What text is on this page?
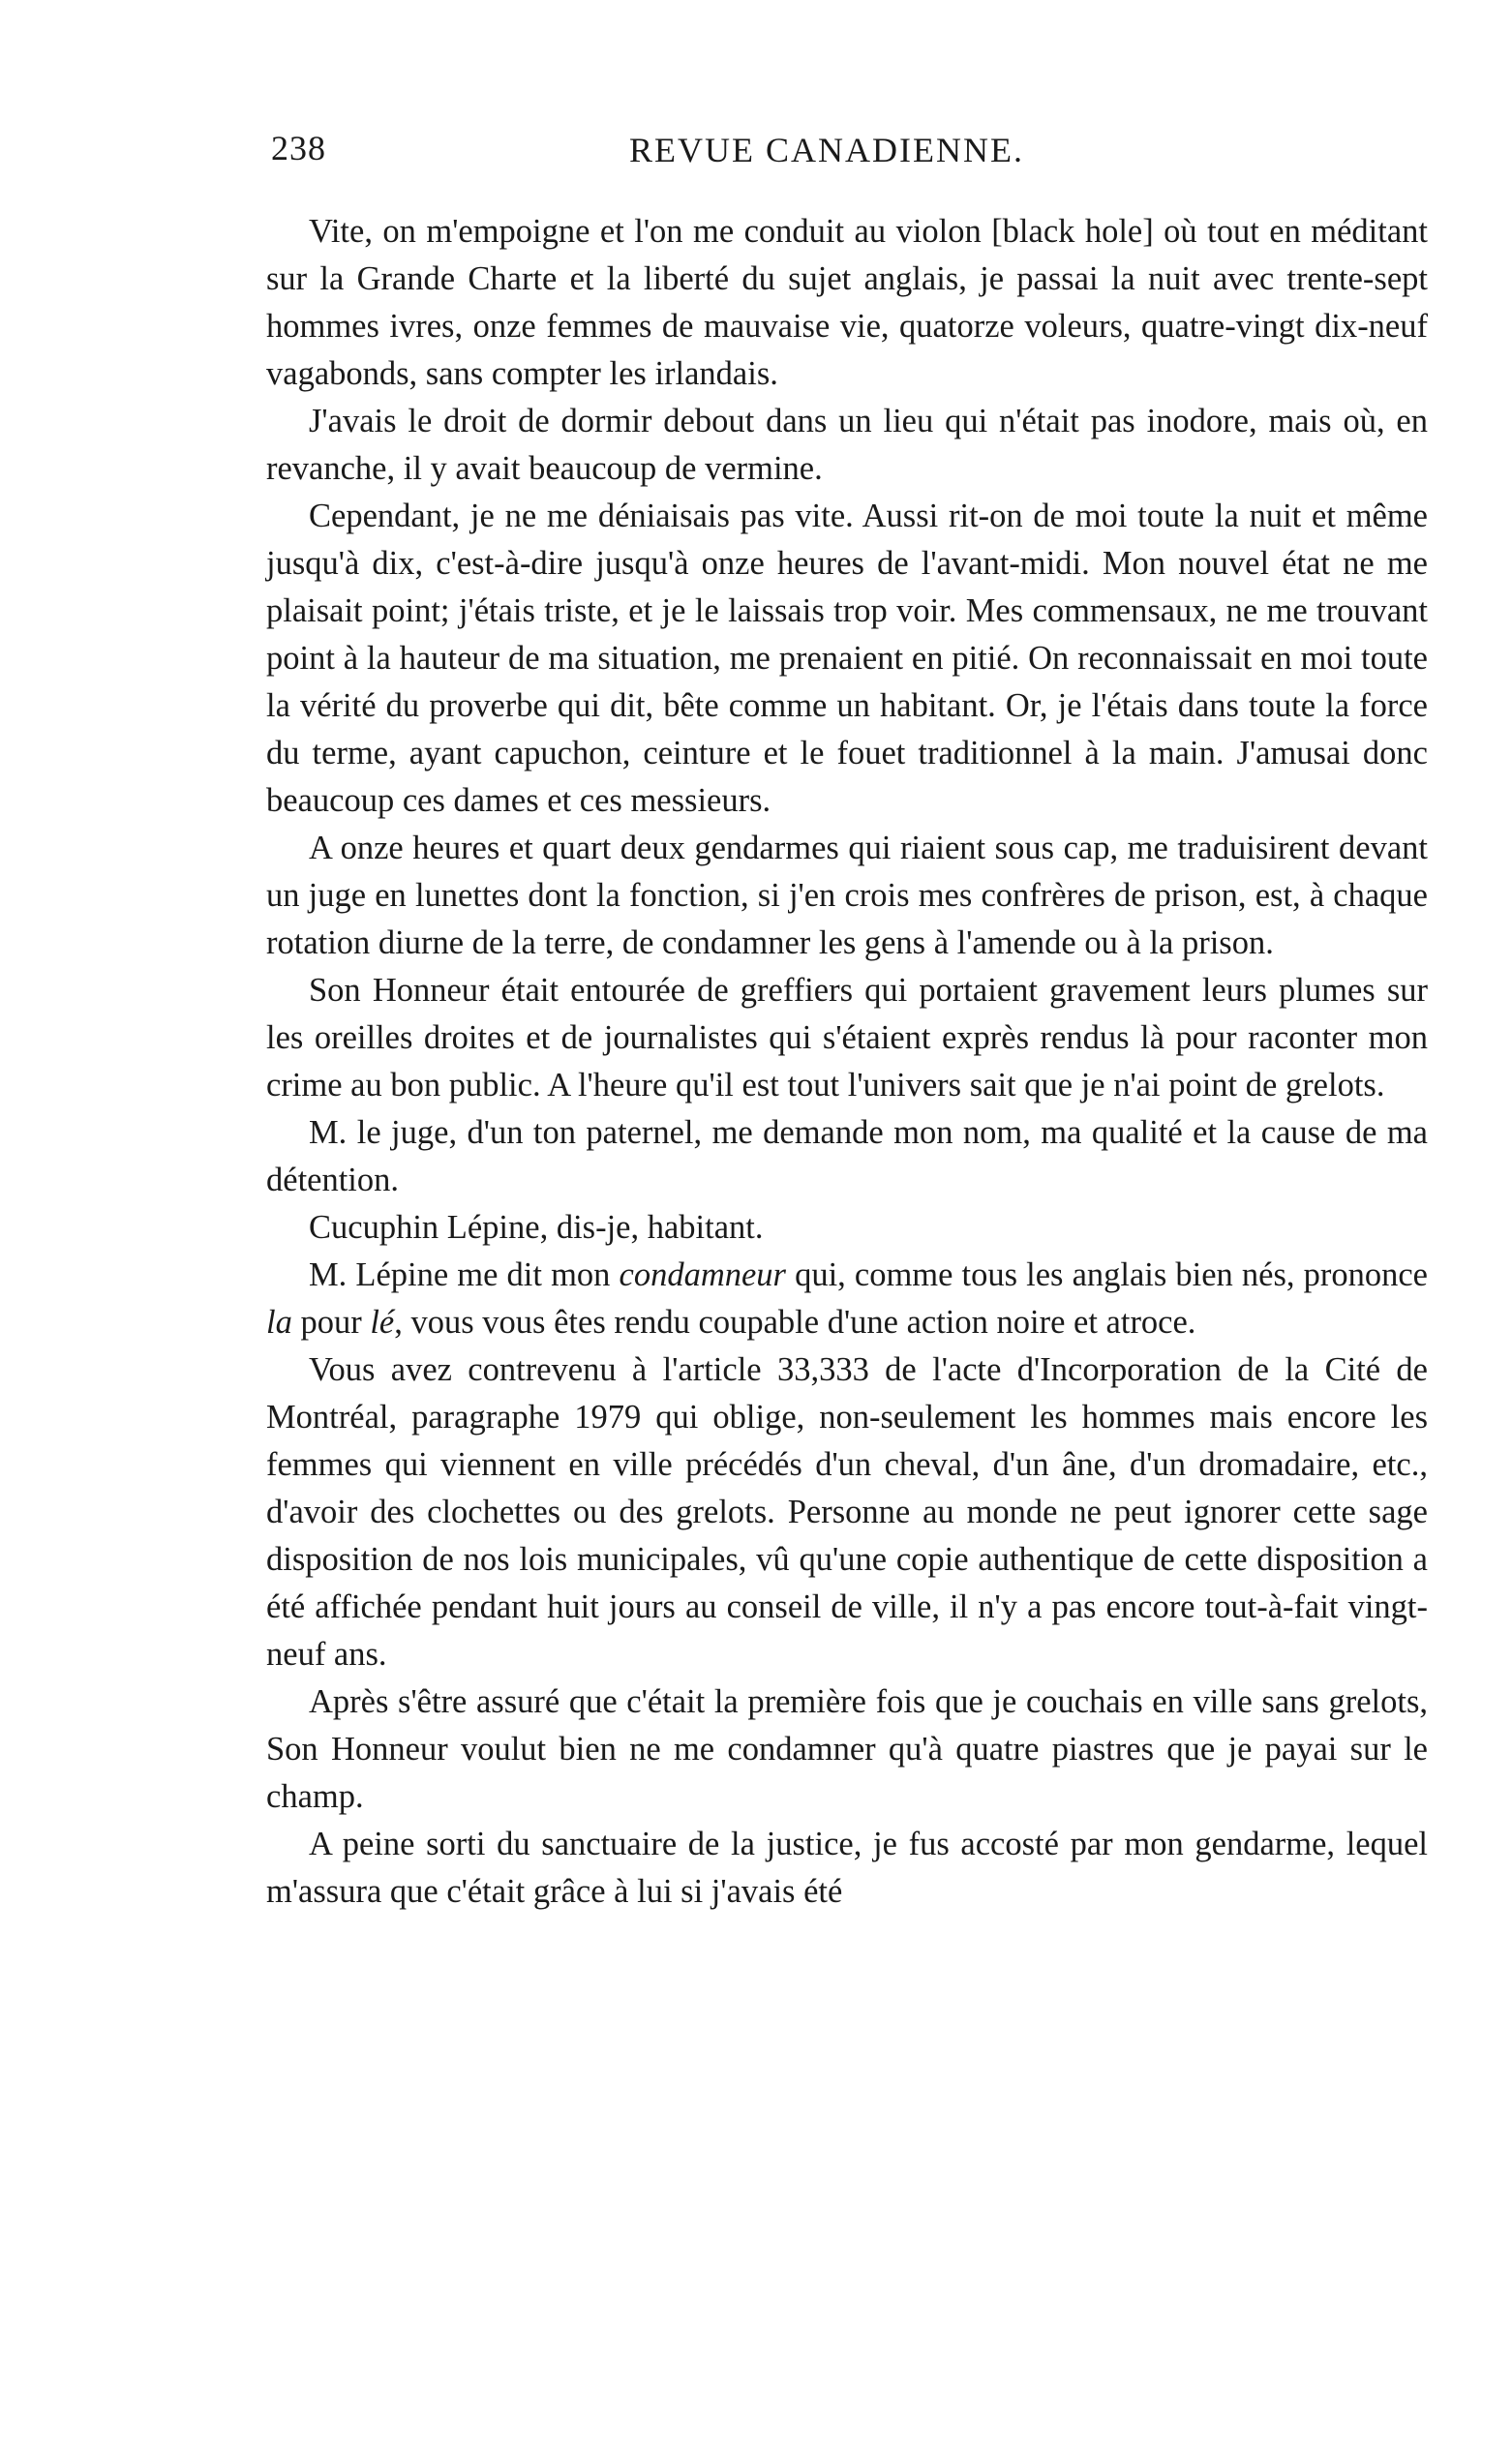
238	REVUE CANADIENNE.

Vite, on m'empoigne et l'on me conduit au violon [black hole] où tout en méditant sur la Grande Charte et la liberté du sujet anglais, je passai la nuit avec trente-sept hommes ivres, onze femmes de mauvaise vie, quatorze voleurs, quatre-vingt dix-neuf vagabonds, sans compter les irlandais.

J'avais le droit de dormir debout dans un lieu qui n'était pas inodore, mais où, en revanche, il y avait beaucoup de vermine.

Cependant, je ne me déniaisais pas vite. Aussi rit-on de moi toute la nuit et même jusqu'à dix, c'est-à-dire jusqu'à onze heures de l'avant-midi. Mon nouvel état ne me plaisait point; j'étais triste, et je le laissais trop voir. Mes commensaux, ne me trouvant point à la hauteur de ma situation, me prenaient en pitié. On reconnaissait en moi toute la vérité du proverbe qui dit, bête comme un habitant. Or, je l'étais dans toute la force du terme, ayant capuchon, ceinture et le fouet traditionnel à la main. J'amusai donc beaucoup ces dames et ces messieurs.

A onze heures et quart deux gendarmes qui riaient sous cap, me traduisirent devant un juge en lunettes dont la fonction, si j'en crois mes confrères de prison, est, à chaque rotation diurne de la terre, de condamner les gens à l'amende ou à la prison.

Son Honneur était entourée de greffiers qui portaient gravement leurs plumes sur les oreilles droites et de journalistes qui s'étaient exprès rendus là pour raconter mon crime au bon public. A l'heure qu'il est tout l'univers sait que je n'ai point de grelots.

M. le juge, d'un ton paternel, me demande mon nom, ma qualité et la cause de ma détention.

Cucuphin Lépine, dis-je, habitant.

M. Lépine me dit mon condamneur qui, comme tous les anglais bien nés, prononce la pour lé, vous vous êtes rendu coupable d'une action noire et atroce.

Vous avez contrevenu à l'article 33,333 de l'acte d'Incorporation de la Cité de Montréal, paragraphe 1979 qui oblige, non-seulement les hommes mais encore les femmes qui viennent en ville précédés d'un cheval, d'un âne, d'un dromadaire, etc., d'avoir des clochettes ou des grelots. Personne au monde ne peut ignorer cette sage disposition de nos lois municipales, vû qu'une copie authentique de cette disposition a été affichée pendant huit jours au conseil de ville, il n'y a pas encore tout-à-fait vingt-neuf ans.

Après s'être assuré que c'était la première fois que je couchais en ville sans grelots, Son Honneur voulut bien ne me condamner qu'à quatre piastres que je payai sur le champ.

A peine sorti du sanctuaire de la justice, je fus accosté par mon gendarme, lequel m'assura que c'était grâce à lui si j'avais été
